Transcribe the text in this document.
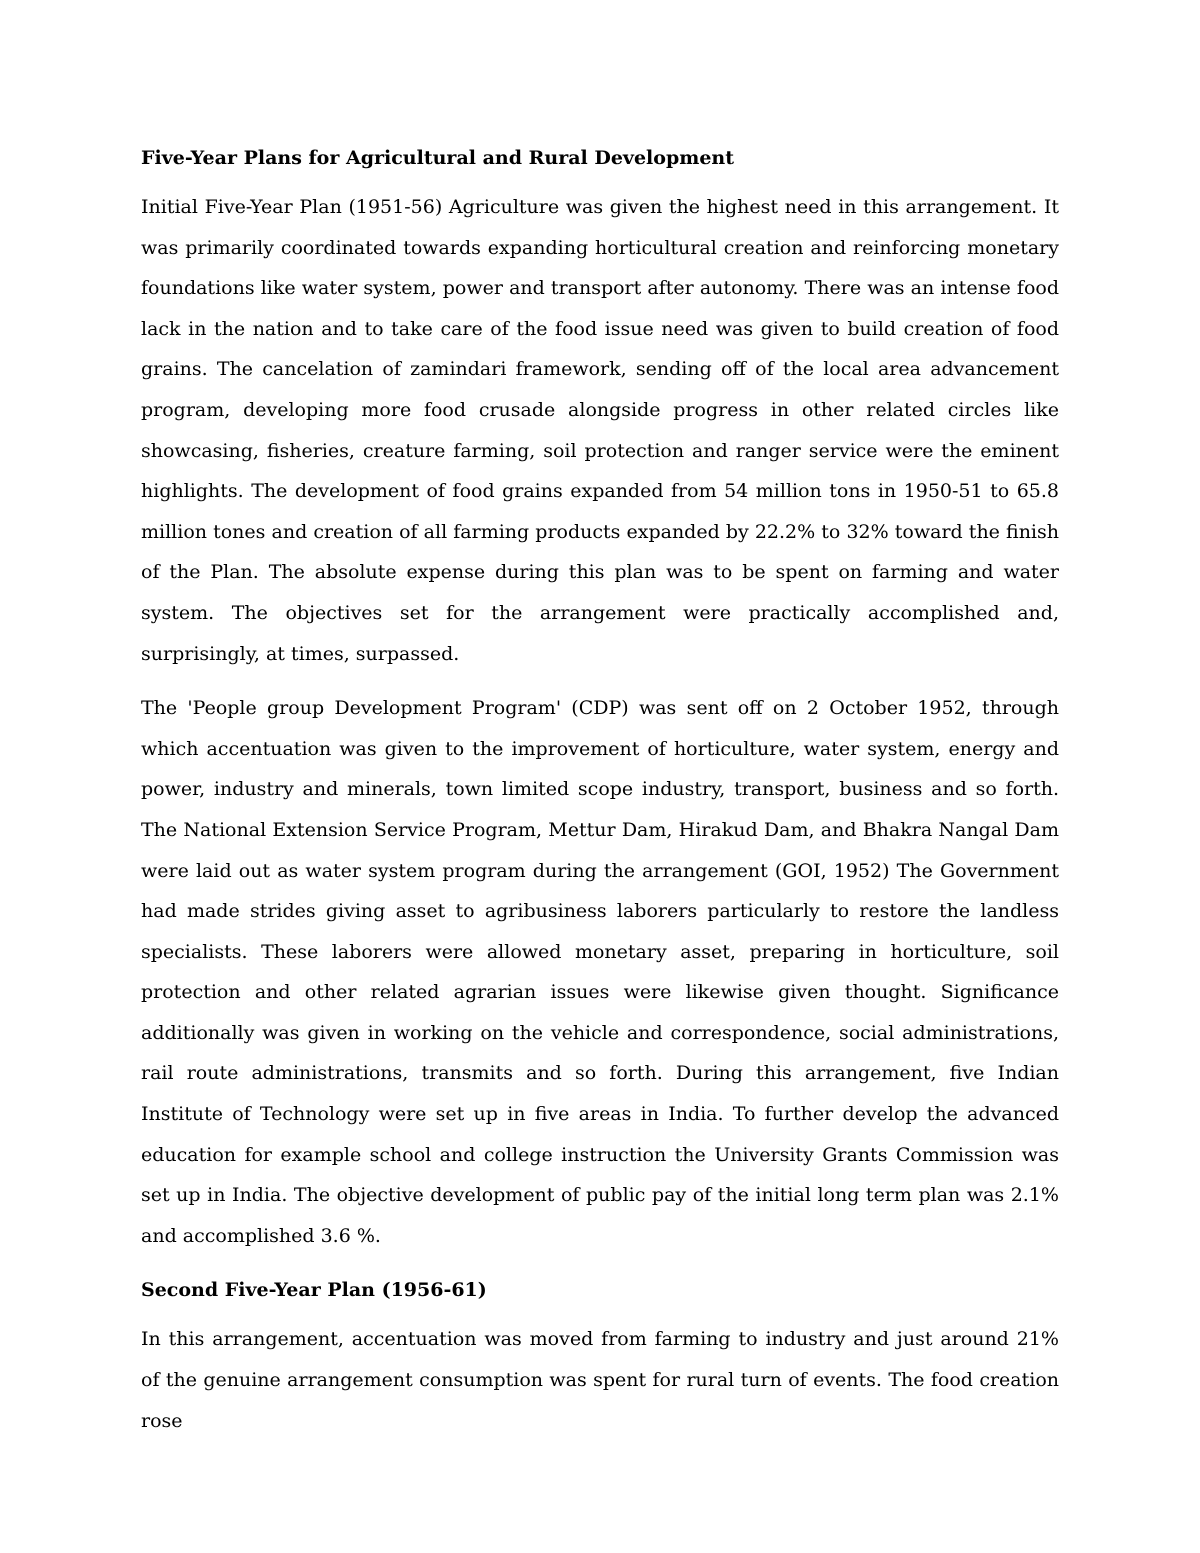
Five-Year Plans for Agricultural and Rural Development

Initial Five-Year Plan (1951-56) Agriculture was given the highest need in this arrangement. It was primarily coordinated towards expanding horticultural creation and reinforcing monetary foundations like water system, power and transport after autonomy. There was an intense food lack in the nation and to take care of the food issue need was given to build creation of food grains. The cancelation of zamindari framework, sending off of the local area advancement program, developing more food crusade alongside progress in other related circles like showcasing, fisheries, creature farming, soil protection and ranger service were the eminent highlights. The development of food grains expanded from 54 million tons in 1950-51 to 65.8 million tones and creation of all farming products expanded by 22.2% to 32% toward the finish of the Plan. The absolute expense during this plan was to be spent on farming and water system. The objectives set for the arrangement were practically accomplished and, surprisingly, at times, surpassed.

The 'People group Development Program' (CDP) was sent off on 2 October 1952, through which accentuation was given to the improvement of horticulture, water system, energy and power, industry and minerals, town limited scope industry, transport, business and so forth. The National Extension Service Program, Mettur Dam, Hirakud Dam, and Bhakra Nangal Dam were laid out as water system program during the arrangement (GOI, 1952) The Government had made strides giving asset to agribusiness laborers particularly to restore the landless specialists. These laborers were allowed monetary asset, preparing in horticulture, soil protection and other related agrarian issues were likewise given thought. Significance additionally was given in working on the vehicle and correspondence, social administrations, rail route administrations, transmits and so forth. During this arrangement, five Indian Institute of Technology were set up in five areas in India. To further develop the advanced education for example school and college instruction the University Grants Commission was set up in India. The objective development of public pay of the initial long term plan was 2.1% and accomplished 3.6 %.

Second Five-Year Plan (1956-61)

In this arrangement, accentuation was moved from farming to industry and just around 21% of the genuine arrangement consumption was spent for rural turn of events. The food creation rose
